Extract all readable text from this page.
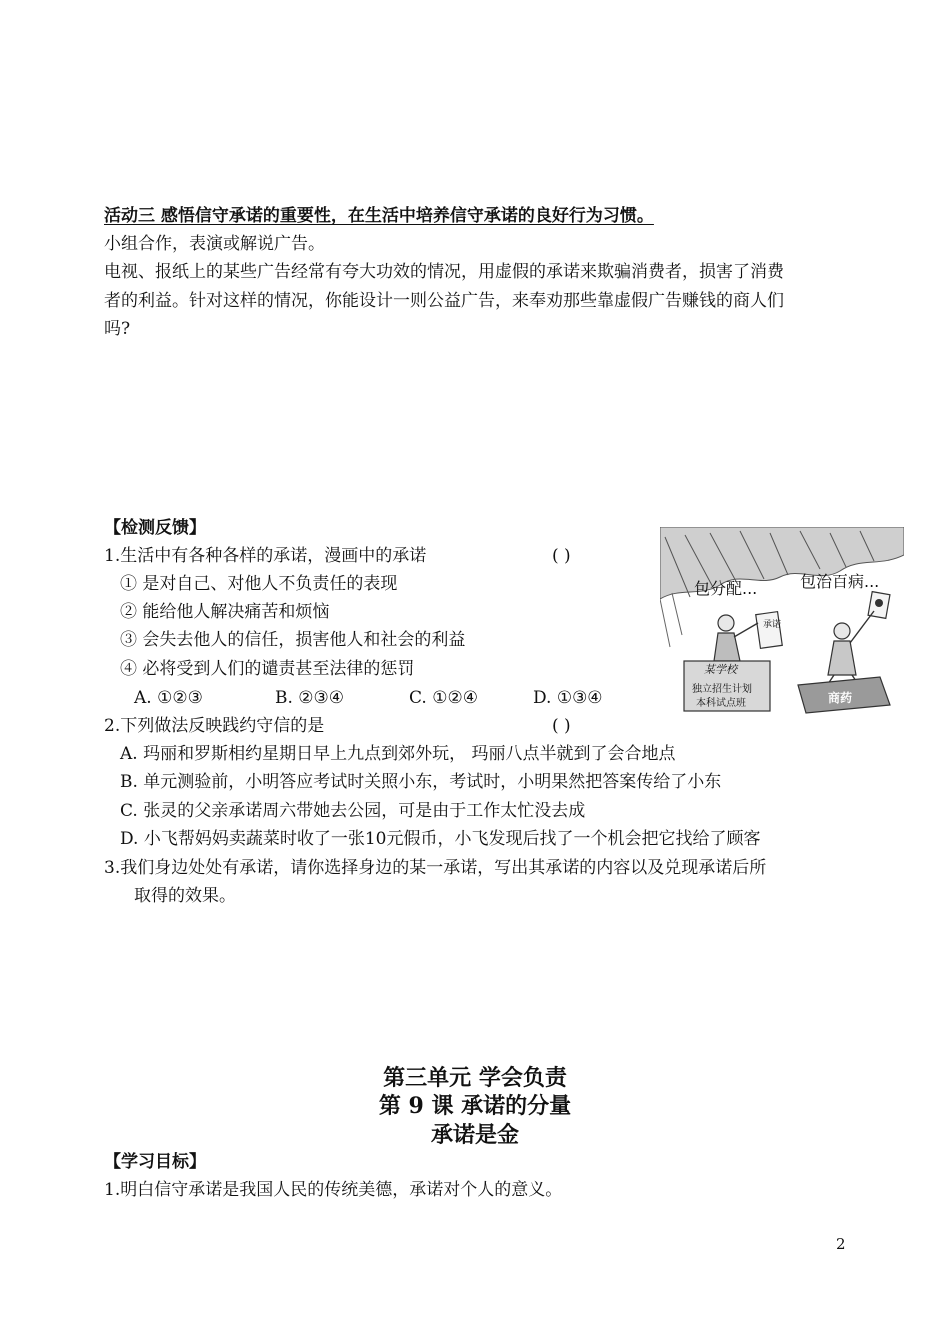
活动三 感悟信守承诺的重要性，在生活中培养信守承诺的良好行为习惯。
小组合作，表演或解说广告。
电视、报纸上的某些广告经常有夸大功效的情况，用虚假的承诺来欺骗消费者，损害了消费
者的利益。针对这样的情况，你能设计一则公益广告，来奉劝那些靠虚假广告赚钱的商人们
吗?
【检测反馈】
1.生活中有各种各样的承诺，漫画中的承诺	( )
① 是对自己、对他人不负责任的表现
② 能给他人解决痛苦和烦恼
③ 会失去他人的信任，损害他人和社会的利益
④ 必将受到人们的谴责甚至法律的惩罚
A. ①②③	B. ②③④	C. ①②④	D. ①③④
2.下列做法反映践约守信的是	( )
A. 玛丽和罗斯相约星期日早上九点到郊外玩， 玛丽八点半就到了会合地点
B. 单元测验前，小明答应考试时关照小东，考试时，小明果然把答案传给了小东
C. 张灵的父亲承诺周六带她去公园，可是由于工作太忙没去成
D. 小飞帮妈妈卖蔬菜时收了一张10元假币，小飞发现后找了一个机会把它找给了顾客
3.我们身边处处有承诺，请你选择身边的某一承诺，写出其承诺的内容以及兑现承诺后所
取得的效果。
包分配...	包治百病...
承诺
某学校
独立招生计划
本科试点班	商药
第三单元 学会负责
第 9 课 承诺的分量
承诺是金
【学习目标】
1.明白信守承诺是我国人民的传统美德，承诺对个人的意义。
2
